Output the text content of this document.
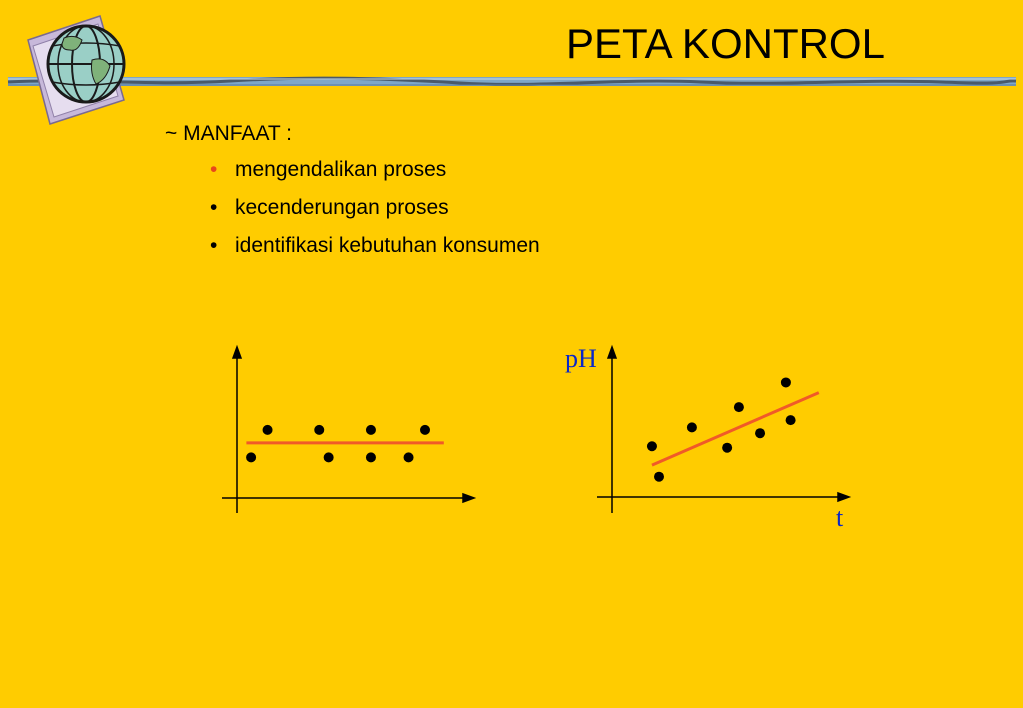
PETA KONTROL

~ MANFAAT :

• mengendalikan proses
• kecenderungan proses
• identifikasi kebutuhan konsumen
pH
t
